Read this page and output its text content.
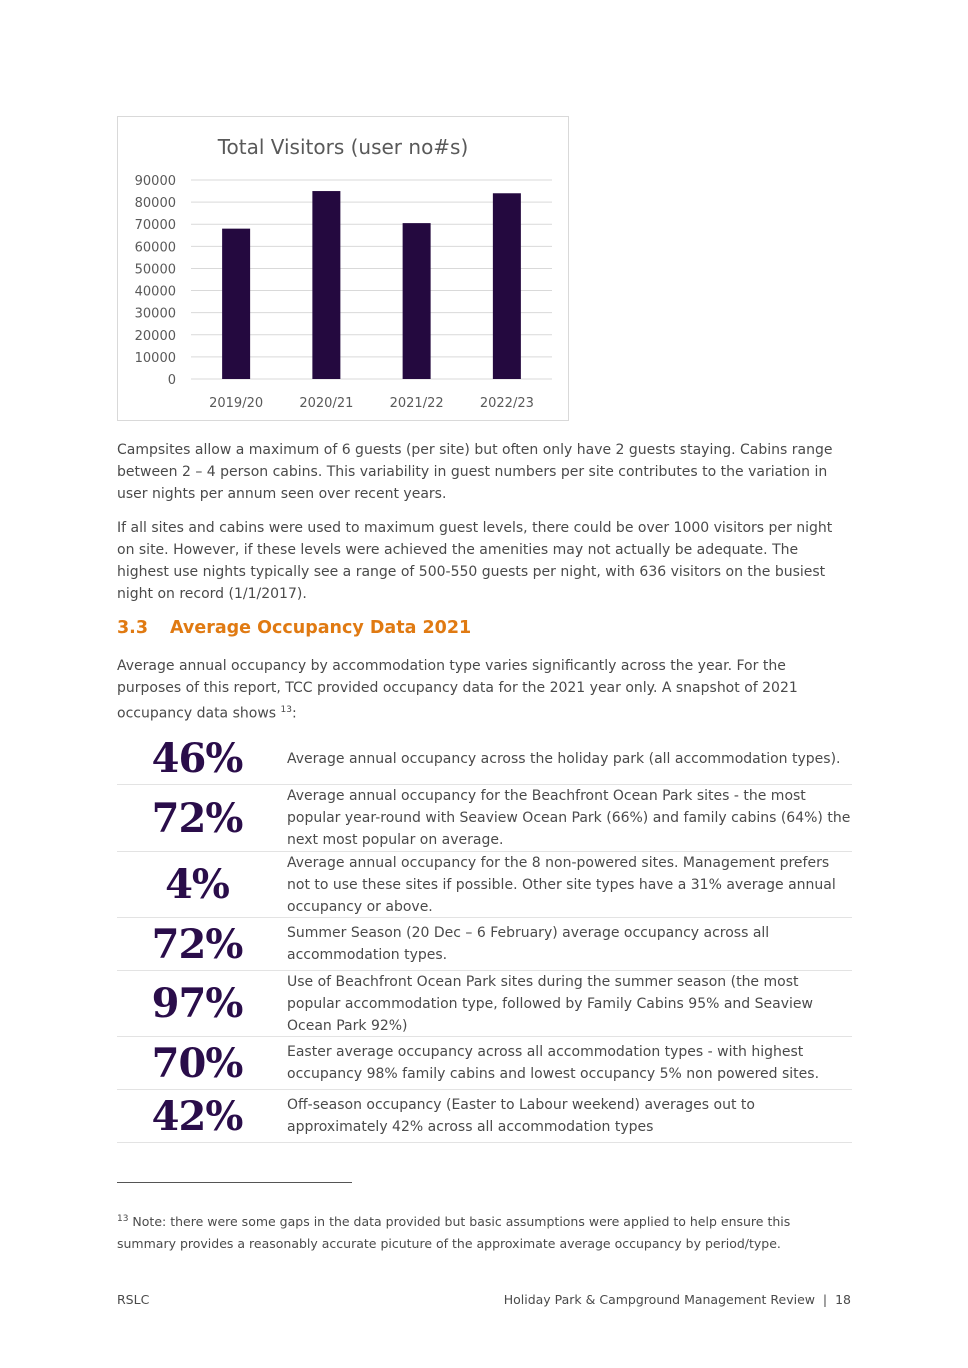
Total Visitors (user no#s)
0
10000
20000
30000
40000
50000
60000
70000
80000
90000
2019/20	2020/21	2021/22	2022/23

Campsites allow a maximum of 6 guests (per site) but often only have 2 guests staying. Cabins range between 2 – 4 person cabins. This variability in guest numbers per site contributes to the variation in user nights per annum seen over recent years.

If all sites and cabins were used to maximum guest levels, there could be over 1000 visitors per night on site. However, if these levels were achieved the amenities may not actually be adequate. The highest use nights typically see a range of 500-550 guests per night, with 636 visitors on the busiest night on record (1/1/2017).

3.3 Average Occupancy Data 2021

Average annual occupancy by accommodation type varies significantly across the year. For the purposes of this report, TCC provided occupancy data for the 2021 year only. A snapshot of 2021 occupancy data shows $^{13}$:

46%	Average annual occupancy across the holiday park (all accommodation types).
72%	Average annual occupancy for the Beachfront Ocean Park sites - the most popular year-round with Seaview Ocean Park (66%) and family cabins (64%) the next most popular on average.
4%	Average annual occupancy for the 8 non-powered sites. Management prefers not to use these sites if possible. Other site types have a 31% average annual occupancy or above.
72%	Summer Season (20 Dec – 6 February) average occupancy across all accommodation types.
97%	Use of Beachfront Ocean Park sites during the summer season (the most popular accommodation type, followed by Family Cabins 95% and Seaview Ocean Park 92%)
70%	Easter average occupancy across all accommodation types - with highest occupancy 98% family cabins and lowest occupancy 5% non powered sites.
42%	Off-season occupancy (Easter to Labour weekend) averages out to approximately 42% across all accommodation types

$^{13}$ Note: there were some gaps in the data provided but basic assumptions were applied to help ensure this summary provides a reasonably accurate picuture of the approximate average occupancy by period/type.

RSLC	Holiday Park & Campground Management Review  |  18
